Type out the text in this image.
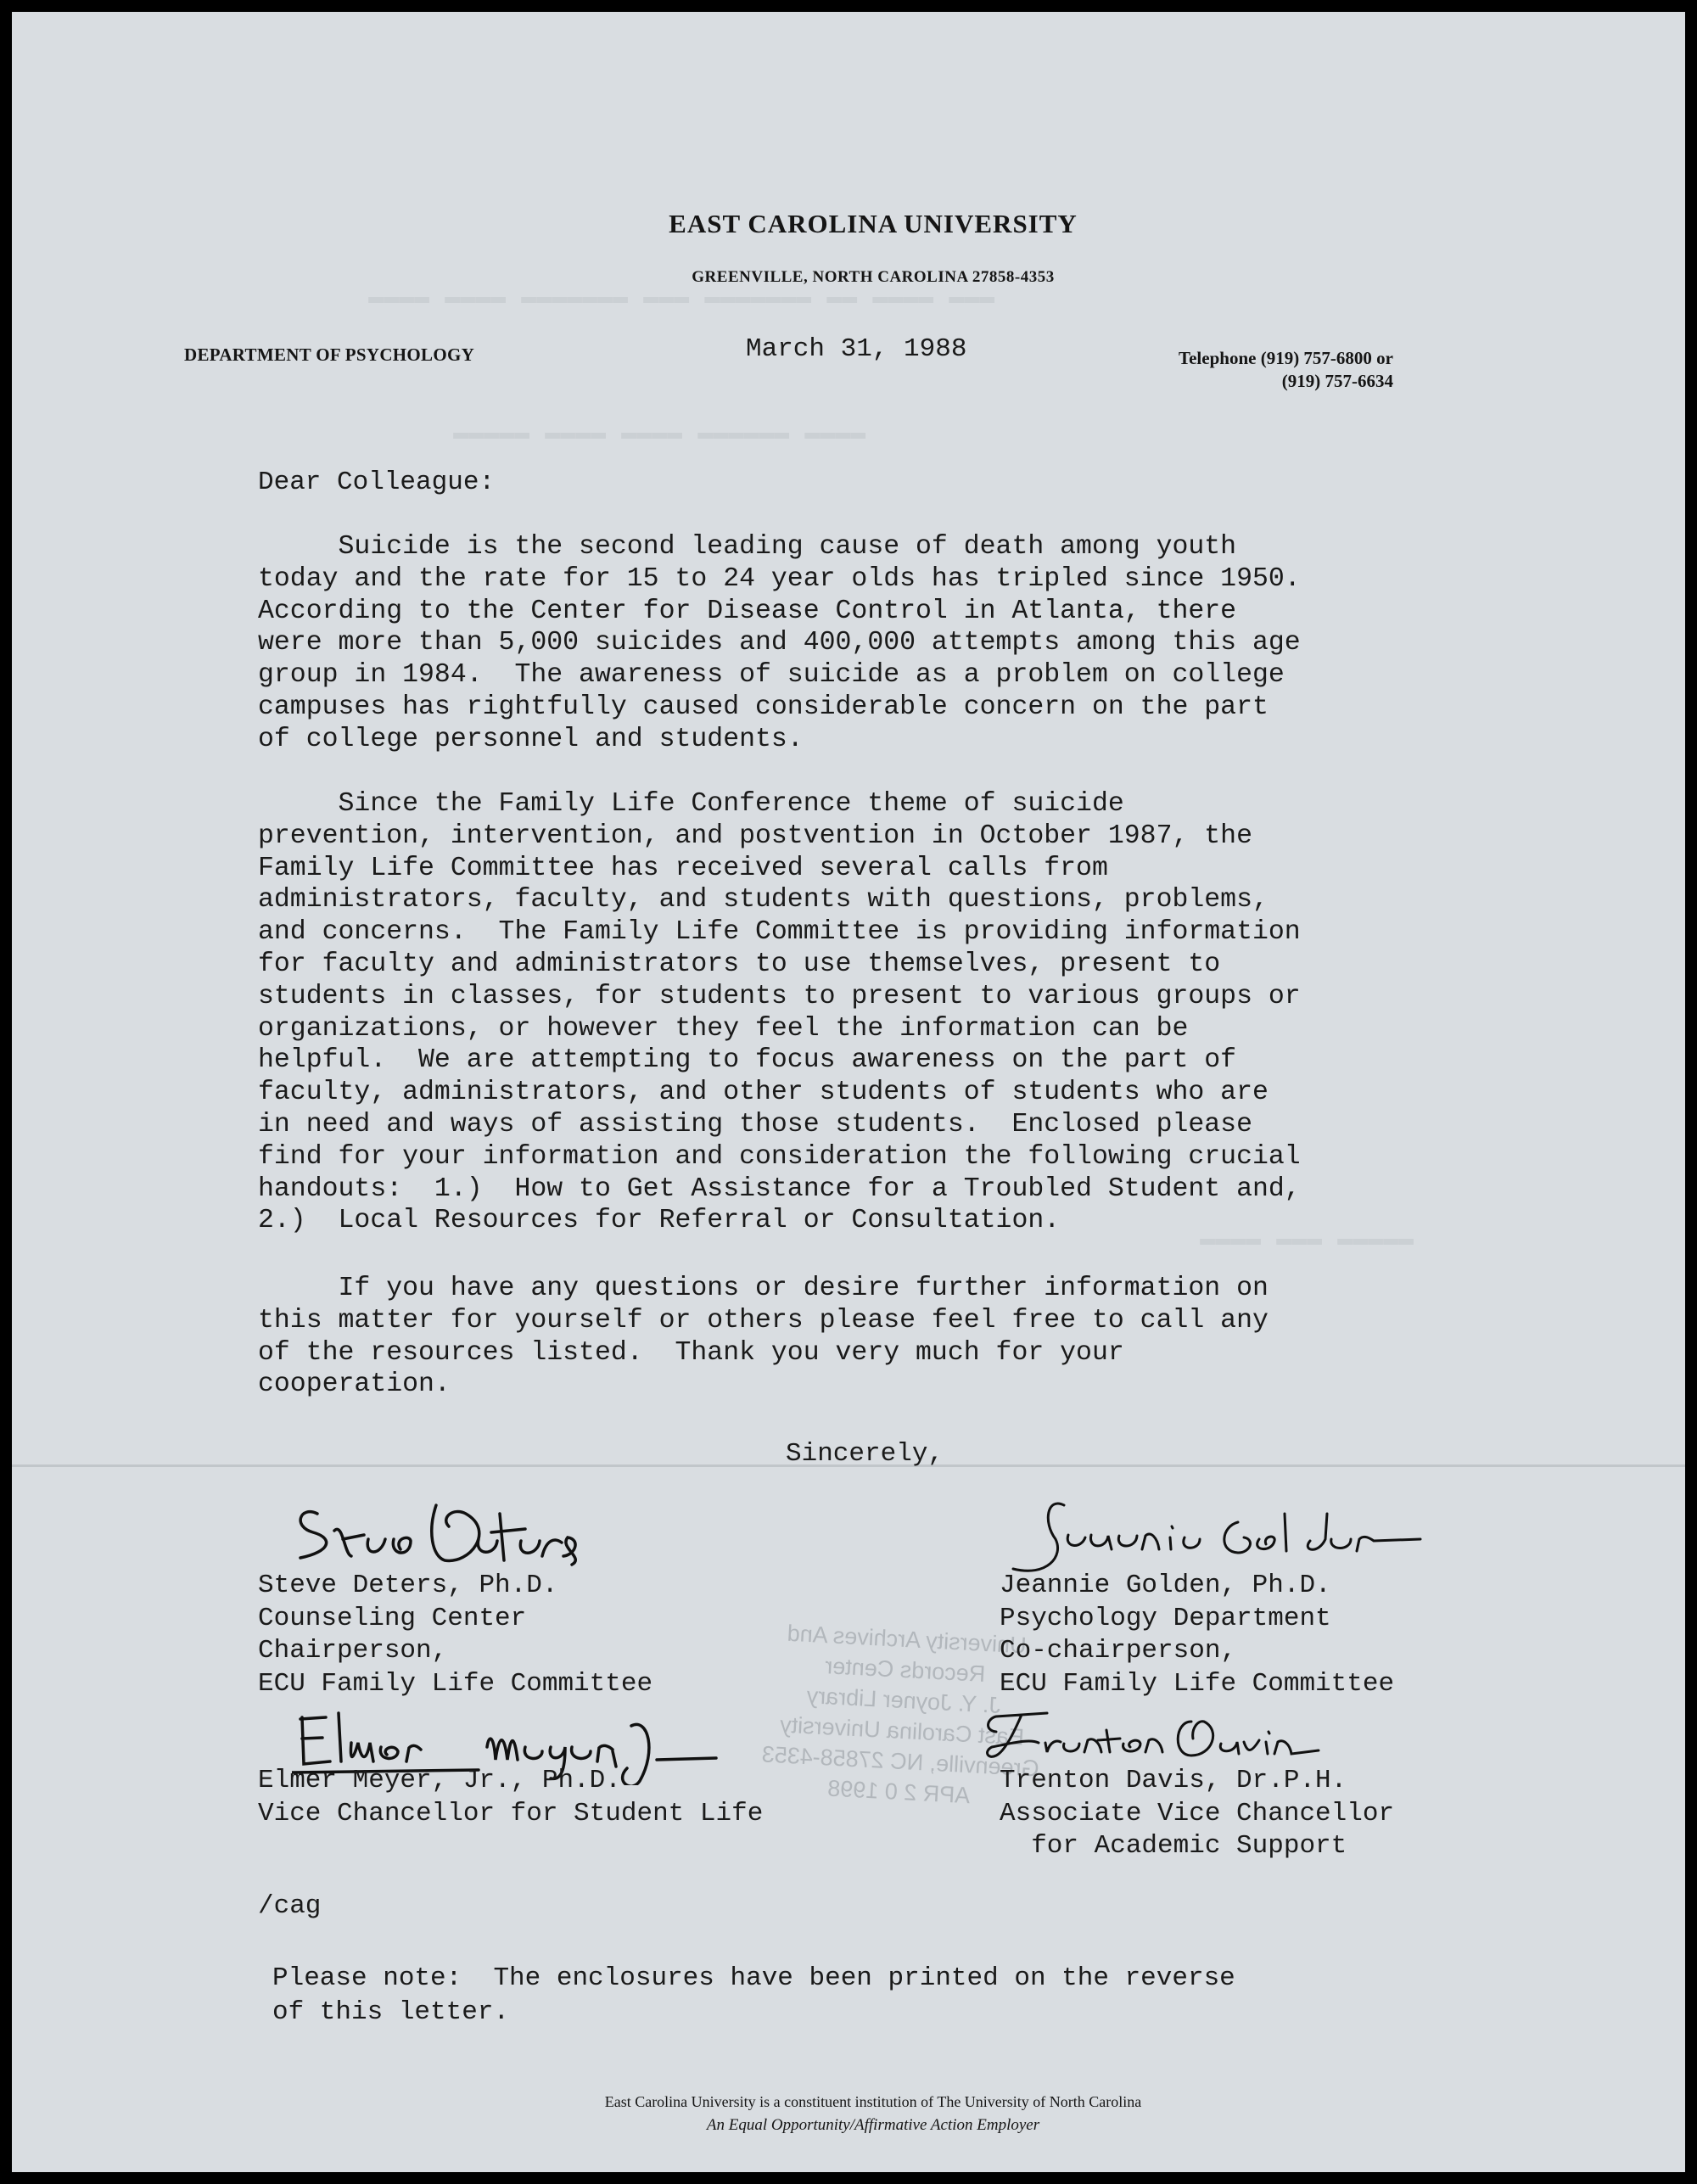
▬▬▬ ▬▬▬▬ ▬▬ ▬▬▬▬▬▬▬ ▬▬▬ ▬▬▬▬▬▬▬ ▬▬▬▬ ▬▬▬▬
▬▬▬▬ ▬▬▬▬▬▬ ▬▬▬▬ ▬▬▬▬ ▬▬▬▬▬
▬▬▬▬▬ ▬▬▬ ▬▬▬▬
EAST CAROLINA UNIVERSITY
GREENVILLE, NORTH CAROLINA 27858-4353
DEPARTMENT OF PSYCHOLOGY	March 31, 1988	Telephone (919) 757-6800 or
(919) 757-6634
Dear Colleague:
Suicide is the second leading cause of death among youth
today and the rate for 15 to 24 year olds has tripled since 1950.
According to the Center for Disease Control in Atlanta, there
were more than 5,000 suicides and 400,000 attempts among this age
group in 1984.  The awareness of suicide as a problem on college
campuses has rightfully caused considerable concern on the part
of college personnel and students.
Since the Family Life Conference theme of suicide
prevention, intervention, and postvention in October 1987, the
Family Life Committee has received several calls from
administrators, faculty, and students with questions, problems,
and concerns.  The Family Life Committee is providing information
for faculty and administrators to use themselves, present to
students in classes, for students to present to various groups or
organizations, or however they feel the information can be
helpful.  We are attempting to focus awareness on the part of
faculty, administrators, and other students of students who are
in need and ways of assisting those students.  Enclosed please
find for your information and consideration the following crucial
handouts:  1.)  How to Get Assistance for a Troubled Student and,
2.)  Local Resources for Referral or Consultation.
If you have any questions or desire further information on
this matter for yourself or others please feel free to call any
of the resources listed.  Thank you very much for your
cooperation.
Sincerely,
University Archives And Records Center
J. Y. Joyner Library
East Carolina University
Greenville, NC 27858-4353
APR 2 0 1998
Steve Deters, Ph.D.
Counseling Center
Chairperson,
ECU Family Life Committee
Jeannie Golden, Ph.D.
Psychology Department
Co-chairperson,
ECU Family Life Committee
Elmer Meyer, Jr., Ph.D.
Vice Chancellor for Student Life
Trenton Davis, Dr.P.H.
Associate Vice Chancellor
for Academic Support
/cag
Please note:  The enclosures have been printed on the reverse
of this letter.
East Carolina University is a constituent institution of The University of North Carolina
An Equal Opportunity/Affirmative Action Employer
